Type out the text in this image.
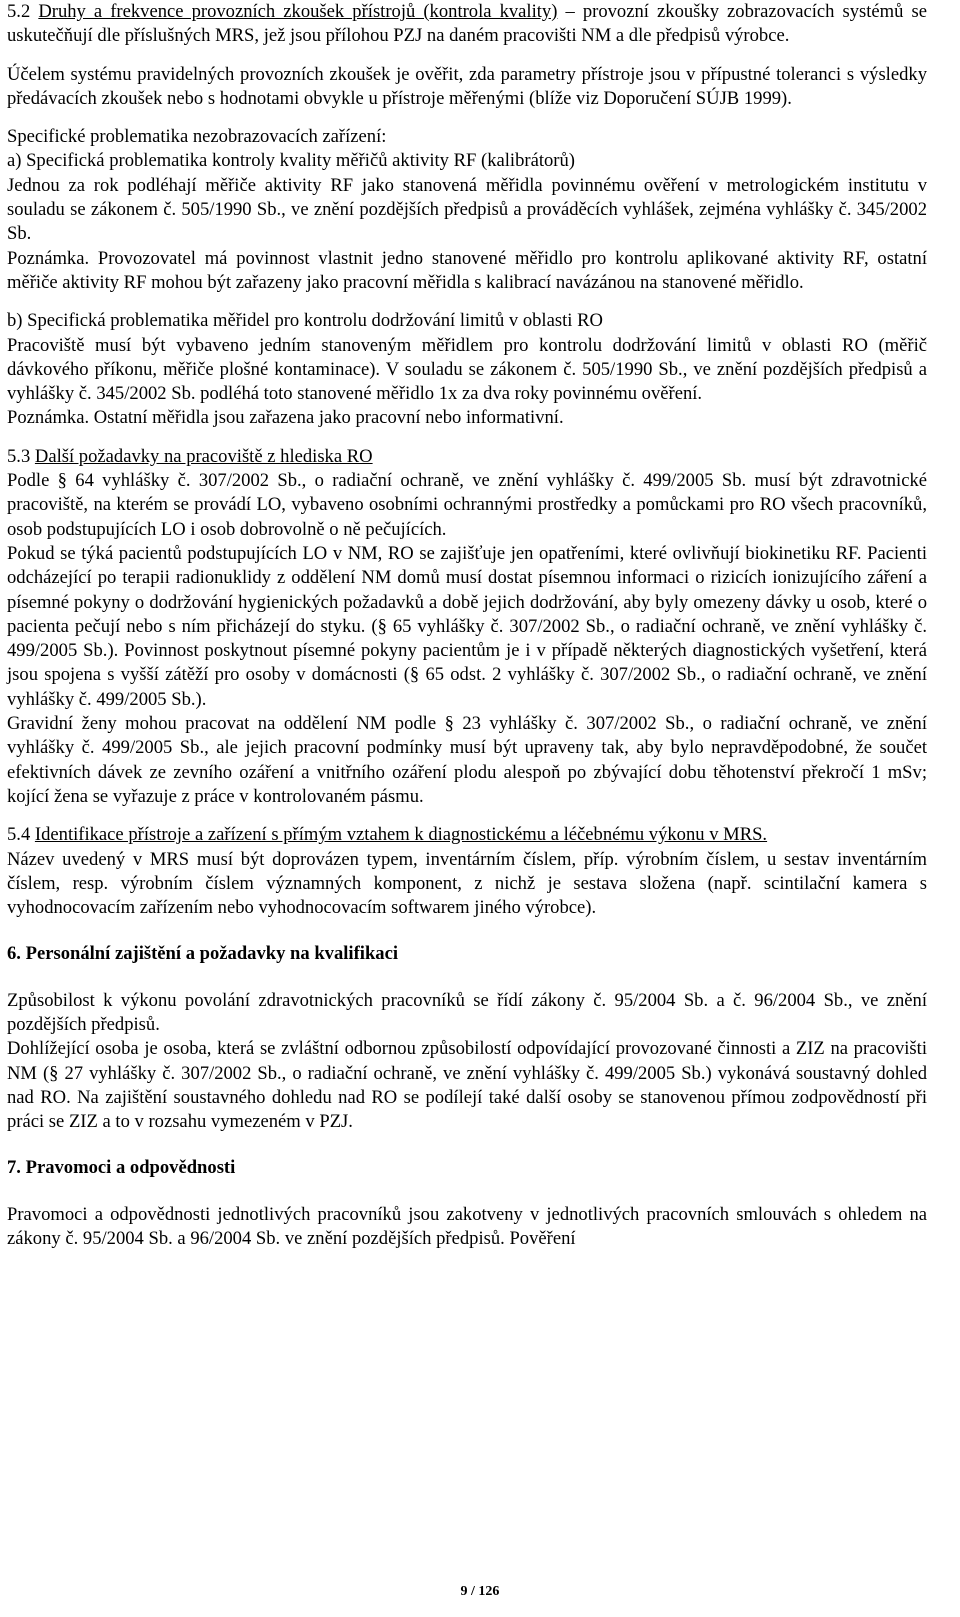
5.2 Druhy a frekvence provozních zkoušek přístrojů (kontrola kvality) – provozní zkoušky zobrazovacích systémů se uskutečňují dle příslušných MRS, jež jsou přílohou PZJ na daném pracovišti NM a dle předpisů výrobce.

Účelem systému pravidelných provozních zkoušek je ověřit, zda parametry přístroje jsou v přípustné toleranci s výsledky předávacích zkoušek nebo s hodnotami obvykle u přístroje měřenými (blíže viz Doporučení SÚJB 1999).

Specifické problematika nezobrazovacích zařízení:

a) Specifická problematika kontroly kvality měřičů aktivity RF (kalibrátorů)

Jednou za rok podléhají měřiče aktivity RF jako stanovená měřidla povinnému ověření v metrologickém institutu v souladu se zákonem č. 505/1990 Sb., ve znění pozdějších předpisů a prováděcích vyhlášek, zejména vyhlášky č. 345/2002 Sb.

Poznámka. Provozovatel má povinnost vlastnit jedno stanovené měřidlo pro kontrolu aplikované aktivity RF, ostatní měřiče aktivity RF mohou být zařazeny jako pracovní měřidla s kalibrací navázánou na stanovené měřidlo.

b) Specifická problematika měřidel pro kontrolu dodržování limitů v oblasti RO

Pracoviště musí být vybaveno jedním stanoveným měřidlem pro kontrolu dodržování limitů v oblasti RO (měřič dávkového příkonu, měřiče plošné kontaminace). V souladu se zákonem č. 505/1990 Sb., ve znění pozdějších předpisů a vyhlášky č. 345/2002 Sb. podléhá toto stanovené měřidlo 1x za dva roky povinnému ověření.

Poznámka. Ostatní měřidla jsou zařazena jako pracovní nebo informativní.

5.3 Další požadavky na pracoviště z hlediska RO

Podle § 64 vyhlášky č. 307/2002 Sb., o radiační ochraně, ve znění vyhlášky č. 499/2005 Sb. musí být zdravotnické pracoviště, na kterém se provádí LO, vybaveno osobními ochrannými prostředky a pomůckami pro RO všech pracovníků, osob podstupujících LO i osob dobrovolně o ně pečujících.

Pokud se týká pacientů podstupujících LO v NM, RO se zajišťuje jen opatřeními, které ovlivňují biokinetiku RF. Pacienti odcházející po terapii radionuklidy z oddělení NM domů musí dostat písemnou informaci o rizicích ionizujícího záření a písemné pokyny o dodržování hygienických požadavků a době jejich dodržování, aby byly omezeny dávky u osob, které o pacienta pečují nebo s ním přicházejí do styku. (§ 65 vyhlášky č. 307/2002 Sb., o radiační ochraně, ve znění vyhlášky č. 499/2005 Sb.). Povinnost poskytnout písemné pokyny pacientům je i v případě některých diagnostických vyšetření, která jsou spojena s vyšší zátěží pro osoby v domácnosti (§ 65 odst. 2 vyhlášky č. 307/2002 Sb., o radiační ochraně, ve znění vyhlášky č. 499/2005 Sb.).

Gravidní ženy mohou pracovat na oddělení NM podle § 23 vyhlášky č. 307/2002 Sb., o radiační ochraně, ve znění vyhlášky č. 499/2005 Sb., ale jejich pracovní podmínky musí být upraveny tak, aby bylo nepravděpodobné, že součet efektivních dávek ze zevního ozáření a vnitřního ozáření plodu alespoň po zbývající dobu těhotenství překročí 1 mSv; kojící žena se vyřazuje z práce v kontrolovaném pásmu.

5.4 Identifikace přístroje a zařízení s přímým vztahem k diagnostickému a léčebnému výkonu v MRS.

Název uvedený v MRS musí být doprovázen typem, inventárním číslem, příp. výrobním číslem, u sestav inventárním číslem, resp. výrobním číslem významných komponent, z nichž je sestava složena (např. scintilační kamera s vyhodnocovacím zařízením nebo vyhodnocovacím softwarem jiného výrobce).

6. Personální zajištění a požadavky na kvalifikaci

Způsobilost k výkonu povolání zdravotnických pracovníků se řídí zákony č. 95/2004 Sb. a č. 96/2004 Sb., ve znění pozdějších předpisů.

Dohlížející osoba je osoba, která se zvláštní odbornou způsobilostí odpovídající provozované činnosti a ZIZ na pracovišti NM (§ 27 vyhlášky č. 307/2002 Sb., o radiační ochraně, ve znění vyhlášky č. 499/2005 Sb.) vykonává soustavný dohled nad RO. Na zajištění soustavného dohledu nad RO se podílejí také další osoby se stanovenou přímou zodpovědností při práci se ZIZ a to v rozsahu vymezeném v PZJ.

7. Pravomoci a odpovědnosti

Pravomoci a odpovědnosti jednotlivých pracovníků jsou zakotveny v jednotlivých pracovních smlouvách s ohledem na zákony č. 95/2004 Sb. a 96/2004 Sb. ve znění pozdějších předpisů. Pověření

9 / 126
